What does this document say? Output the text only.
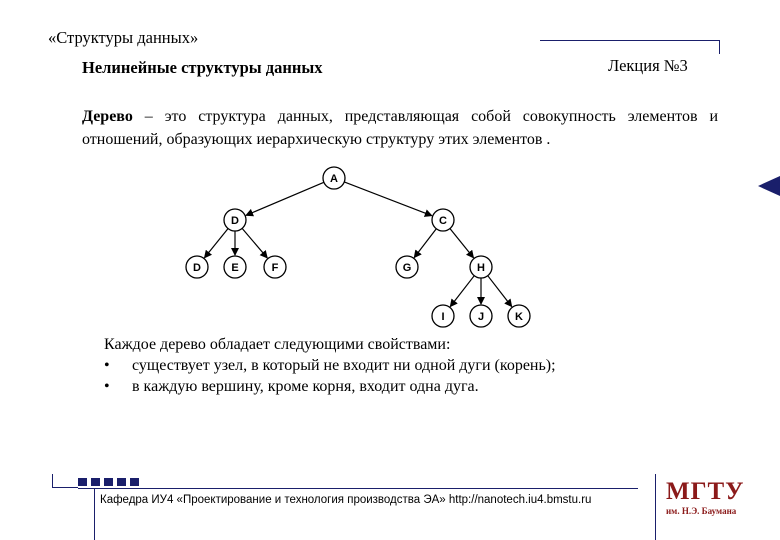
«Структуры данных»
Нелинейные структуры данных	Лекция №3
Дерево – это структура данных, представляющая собой совокупность элементов и отношений, образующих иерархическую структуру этих элементов .
A
D	C
D	E	F	G	H
I	J	K
Каждое дерево обладает следующими свойствами:
• существует узел, в который не входит ни одной дуги (корень);
• в каждую вершину, кроме корня, входит одна дуга.
Кафедра ИУ4 «Проектирование и технология производства ЭА» http://nanotech.iu4.bmstu.ru	МГТУ
им. Н.Э. Баумана
